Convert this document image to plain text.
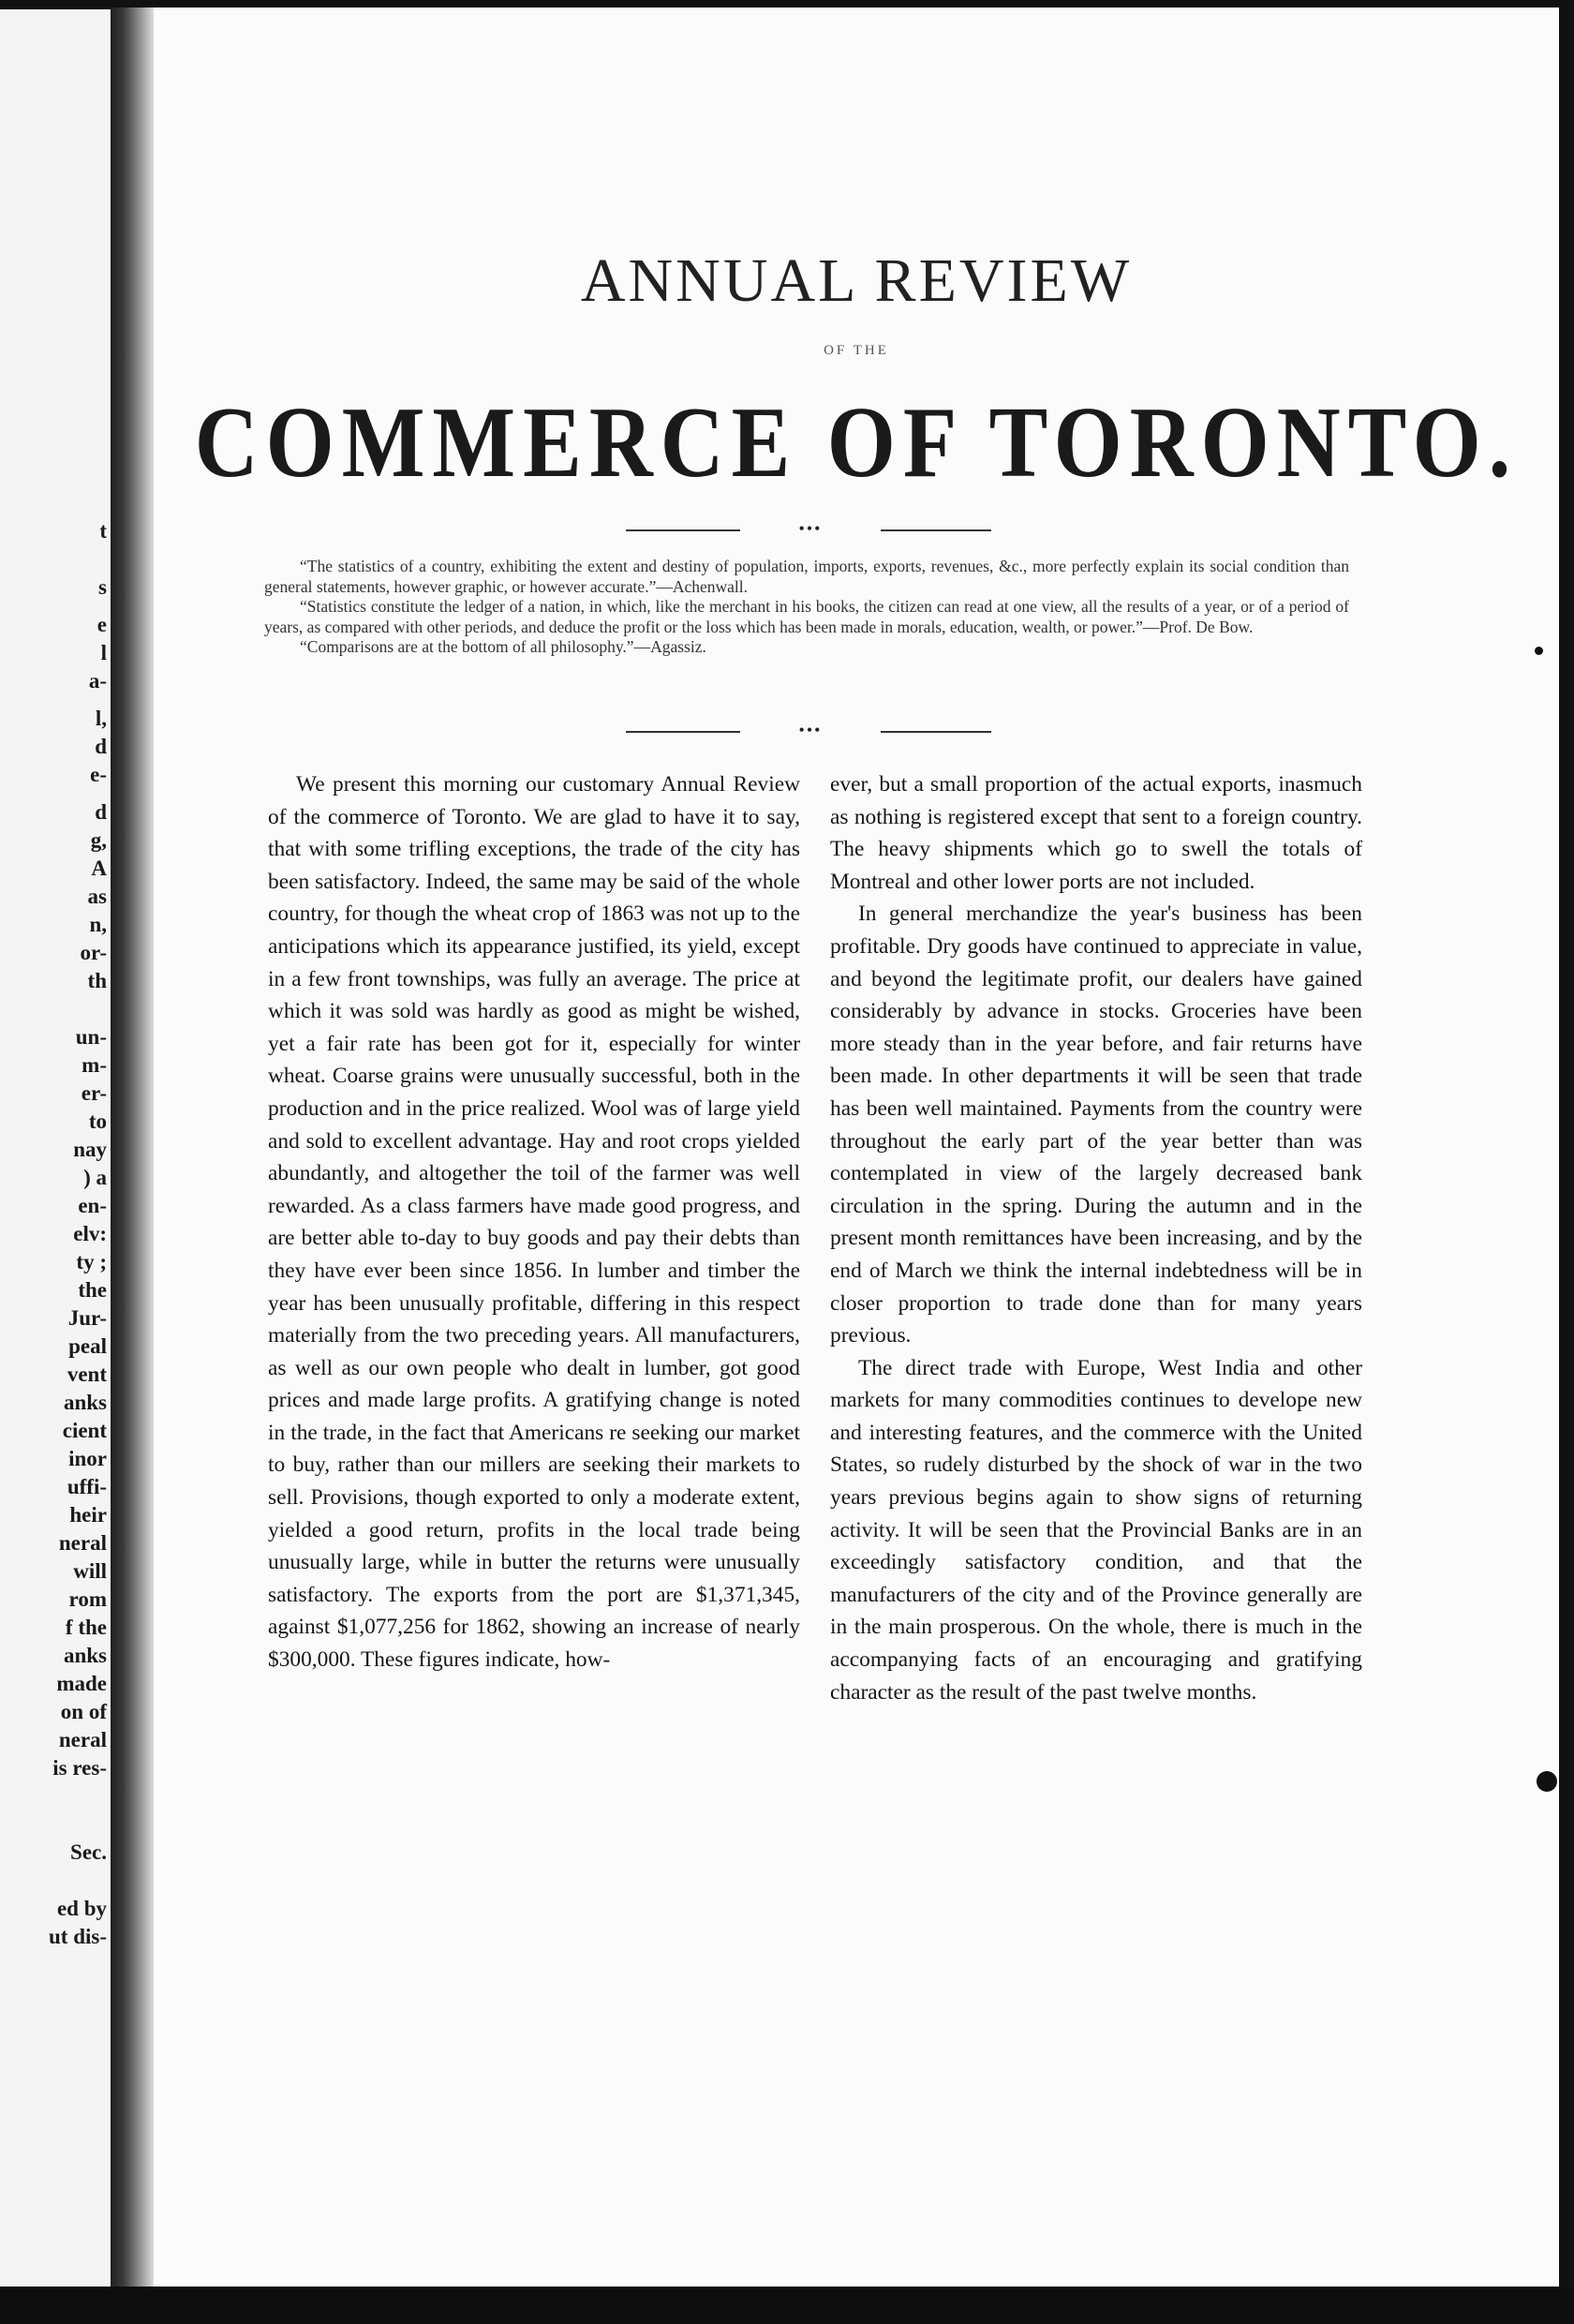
t
s
e
l
a-
l,
d
e-
d
g,
A
as
n,
or-
th
un-
m-
er-
to
nay
) a
en-
elv:
ty ;
the
Jur-
peal
vent
anks
cient
inor
uffi-
heir
neral
will
rom
f the
anks
made
on of
neral
is res-
Sec.
ed by
ut dis-
ANNUAL REVIEW
OF THE
COMMERCE OF TORONTO.
•••

“The statistics of a country, exhibiting the extent and destiny of population, imports, exports, revenues, &c., more perfectly explain its social condition than general statements, however graphic, or however accurate.”—Achenwall.

“Statistics constitute the ledger of a nation, in which, like the merchant in his books, the citizen can read at one view, all the results of a year, or of a period of years, as compared with other periods, and deduce the profit or the loss which has been made in morals, education, wealth, or power.”—Prof. De Bow.

“Comparisons are at the bottom of all philosophy.”—Agassiz.

•••

We present this morning our customary Annual Review of the commerce of Toronto. We are glad to have it to say, that with some trifling exceptions, the trade of the city has been satisfactory. Indeed, the same may be said of the whole country, for though the wheat crop of 1863 was not up to the anticipations which its appearance justified, its yield, except in a few front townships, was fully an average. The price at which it was sold was hardly as good as might be wished, yet a fair rate has been got for it, especially for winter wheat. Coarse grains were unusually successful, both in the production and in the price realized. Wool was of large yield and sold to excellent advantage. Hay and root crops yielded abundantly, and altogether the toil of the farmer was well rewarded. As a class farmers have made good progress, and are better able to-day to buy goods and pay their debts than they have ever been since 1856. In lumber and timber the year has been unusually profitable, differing in this respect materially from the two preceding years. All manufacturers, as well as our own people who dealt in lumber, got good prices and made large profits. A gratifying change is noted in the trade, in the fact that Americans re seeking our market to buy, rather than our millers are seeking their markets to sell. Provisions, though exported to only a moderate extent, yielded a good return, profits in the local trade being unusually large, while in butter the returns were unusually satisfactory. The exports from the port are $1,371,345, against $1,077,256 for 1862, showing an increase of nearly $300,000. These figures indicate, how-

ever, but a small proportion of the actual exports, inasmuch as nothing is registered except that sent to a foreign country. The heavy shipments which go to swell the totals of Montreal and other lower ports are not included.

In general merchandize the year's business has been profitable. Dry goods have continued to appreciate in value, and beyond the legitimate profit, our dealers have gained considerably by advance in stocks. Groceries have been more steady than in the year before, and fair returns have been made. In other departments it will be seen that trade has been well maintained. Payments from the country were throughout the early part of the year better than was contemplated in view of the largely decreased bank circulation in the spring. During the autumn and in the present month remittances have been increasing, and by the end of March we think the internal indebtedness will be in closer proportion to trade done than for many years previous.

The direct trade with Europe, West India and other markets for many commodities continues to develope new and interesting features, and the commerce with the United States, so rudely disturbed by the shock of war in the two years previous begins again to show signs of returning activity. It will be seen that the Provincial Banks are in an exceedingly satisfactory condition, and that the manufacturers of the city and of the Province generally are in the main prosperous. On the whole, there is much in the accompanying facts of an encouraging and gratifying character as the result of the past twelve months.
